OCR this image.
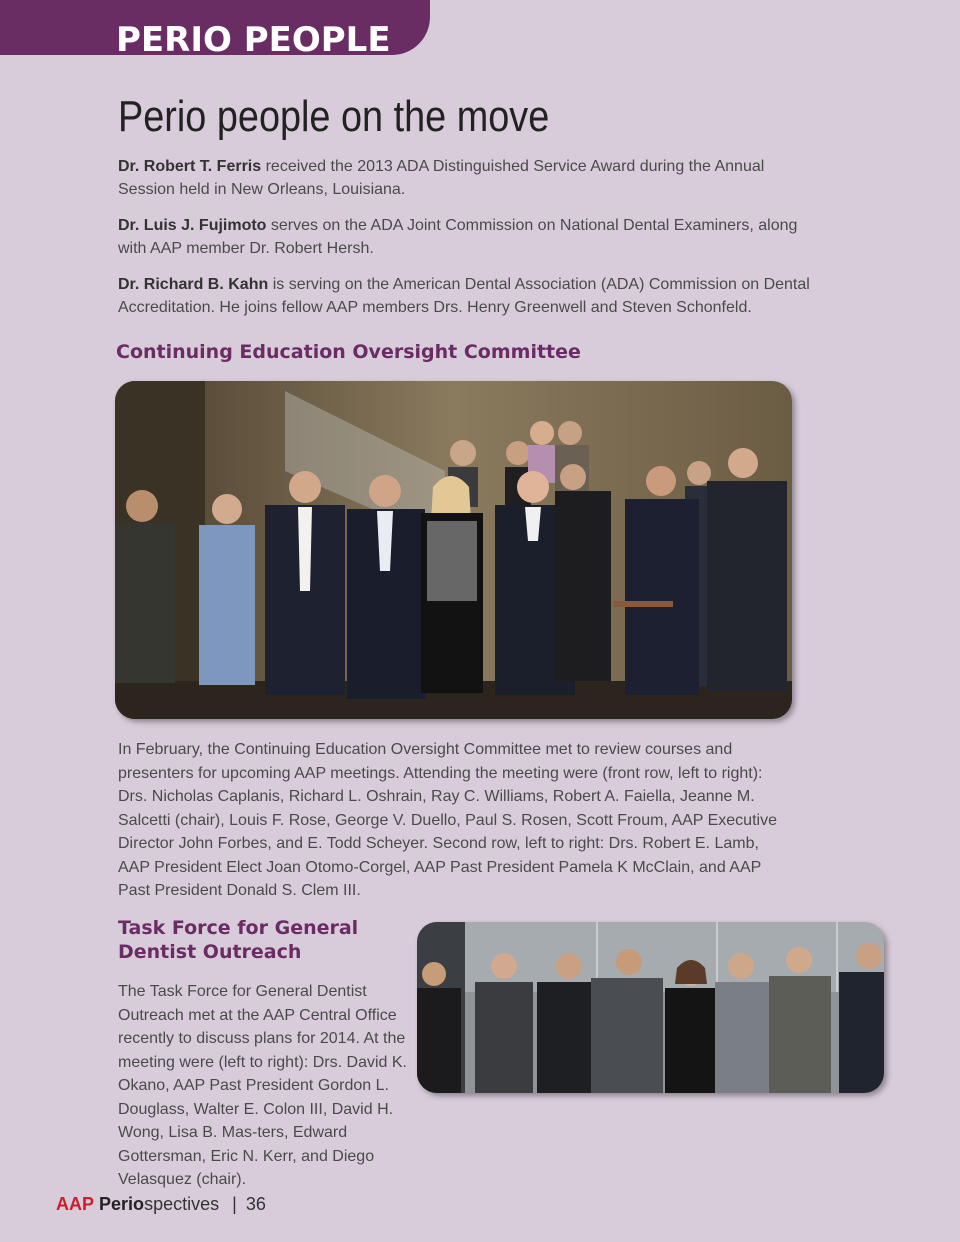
PERIO PEOPLE
Perio people on the move

Dr. Robert T. Ferris received the 2013 ADA Distinguished Service Award during the Annual Session held in New Orleans, Louisiana.

Dr. Luis J. Fujimoto serves on the ADA Joint Commission on National Dental Examiners, along with AAP member Dr. Robert Hersh.

Dr. Richard B. Kahn is serving on the American Dental Association (ADA) Commission on Dental Accreditation. He joins fellow AAP members Drs. Henry Greenwell and Steven Schonfeld.

Continuing Education Oversight Committee

In February, the Continuing Education Oversight Committee met to review courses and presenters for upcoming AAP meetings. Attending the meeting were (front row, left to right): Drs. Nicholas Caplanis, Richard L. Oshrain, Ray C. Williams, Robert A. Faiella, Jeanne M. Salcetti (chair), Louis F. Rose, George V. Duello, Paul S. Rosen, Scott Froum, AAP Executive Director John Forbes, and E. Todd Scheyer. Second row, left to right: Drs. Robert E. Lamb, AAP President Elect Joan Otomo-Corgel, AAP Past President Pamela K McClain, and AAP Past President Donald S. Clem III.

Task Force for General
Dentist Outreach

The Task Force for General Dentist Outreach met at the AAP Central Office recently to discuss plans for 2014. At the meeting were (left to right): Drs. David K. Okano, AAP Past President Gordon L. Douglass, Walter E. Colon III, David H. Wong, Lisa B. Mas-ters, Edward Gottersman, Eric N. Kerr, and Diego Velasquez (chair).

AAP Periospectives | 36
